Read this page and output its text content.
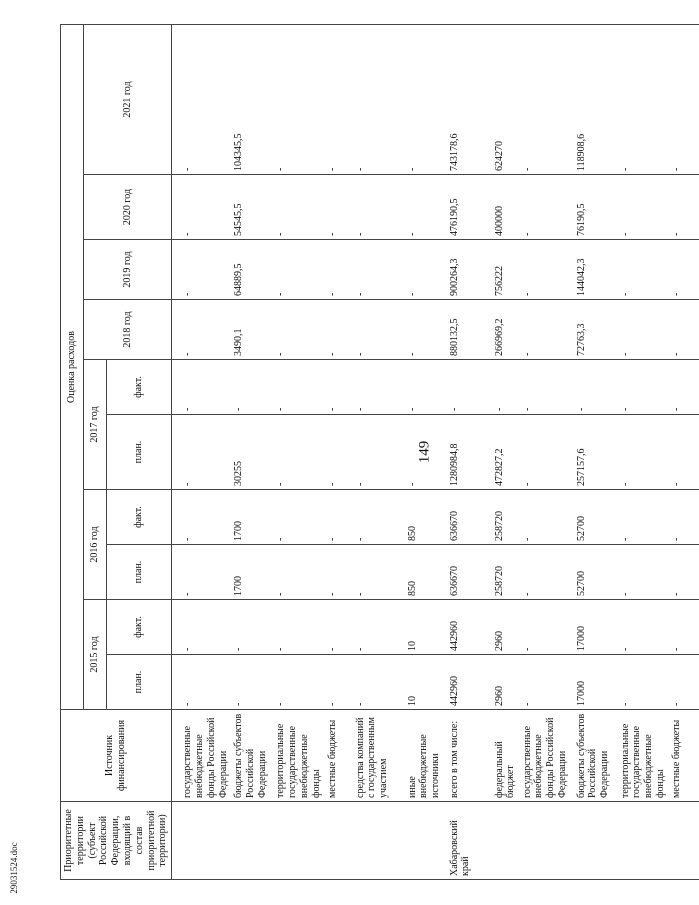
149
29031524.doc	Приоритетные территории (субъект Российской Федерации, входящий в состав приоритетной территории)	Источник финансирования	Оценка расходов										
		2015 год		2016 год		2017 год		2018 год	2019 год	2020 год	2021 год	
		план.	факт.	план.	факт.	план.	факт.					
	государственные внебюджетные фонды Российской Федерации	-	-	-	-	-	-	-	-	-	-	
	бюджеты субъектов Российской Федерации	-	-	1700	1700	30255	-	3490,1	64889,5	54545,5	104345,5	
	территориальные государственные внебюджетные фонды	-	-	-	-	-	-	-	-	-	-	
	местные бюджеты	-	-	-	-	-	-	-	-	-	-	
	средства компаний с государственным участием	-	-	-	-	-	-	-	-	-	-	
	иные внебюджетные источники	10	10	850	850	-	-	-	-	-	-	
Хабаровский край	всего в том числе:	442960	442960	636670	636670	1280984,8	-	880132,5	900264,3	476190,5	743178,6	
	федеральный бюджет	2960	2960	258720	258720	472827,2	-	266969,2	756222	400000	624270	
	государственные внебюджетные фонды Российской Федерации	-	-	-	-	-	-	-	-	-	-	
	бюджеты субъектов Российской Федерации	17000	17000	52700	52700	257157,6	-	72763,3	144042,3	76190,5	118908,6	
	территориальные государственные внебюджетные фонды	-	-	-	-	-	-	-	-	-	-	
	местные бюджеты	-	-	-	-	-	-	-	-	-	-	
